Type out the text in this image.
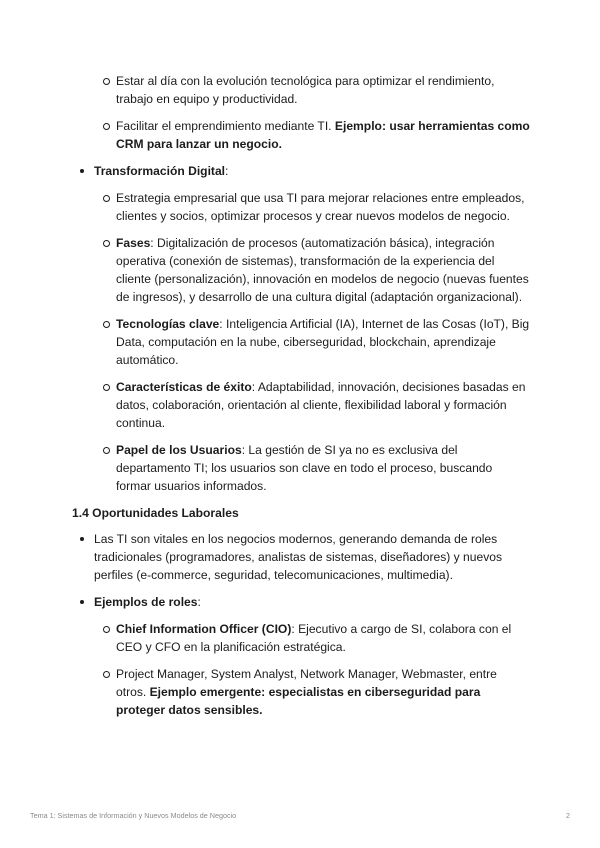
Estar al día con la evolución tecnológica para optimizar el rendimiento, trabajo en equipo y productividad.
Facilitar el emprendimiento mediante TI. Ejemplo: usar herramientas como CRM para lanzar un negocio.
Transformación Digital:
Estrategia empresarial que usa TI para mejorar relaciones entre empleados, clientes y socios, optimizar procesos y crear nuevos modelos de negocio.
Fases: Digitalización de procesos (automatización básica), integración operativa (conexión de sistemas), transformación de la experiencia del cliente (personalización), innovación en modelos de negocio (nuevas fuentes de ingresos), y desarrollo de una cultura digital (adaptación organizacional).
Tecnologías clave: Inteligencia Artificial (IA), Internet de las Cosas (IoT), Big Data, computación en la nube, ciberseguridad, blockchain, aprendizaje automático.
Características de éxito: Adaptabilidad, innovación, decisiones basadas en datos, colaboración, orientación al cliente, flexibilidad laboral y formación continua.
Papel de los Usuarios: La gestión de SI ya no es exclusiva del departamento TI; los usuarios son clave en todo el proceso, buscando formar usuarios informados.
1.4 Oportunidades Laborales
Las TI son vitales en los negocios modernos, generando demanda de roles tradicionales (programadores, analistas de sistemas, diseñadores) y nuevos perfiles (e-commerce, seguridad, telecomunicaciones, multimedia).
Ejemplos de roles:
Chief Information Officer (CIO): Ejecutivo a cargo de SI, colabora con el CEO y CFO en la planificación estratégica.
Project Manager, System Analyst, Network Manager, Webmaster, entre otros. Ejemplo emergente: especialistas en ciberseguridad para proteger datos sensibles.
Tema 1: Sistemas de Información y Nuevos Modelos de Negocio	2
